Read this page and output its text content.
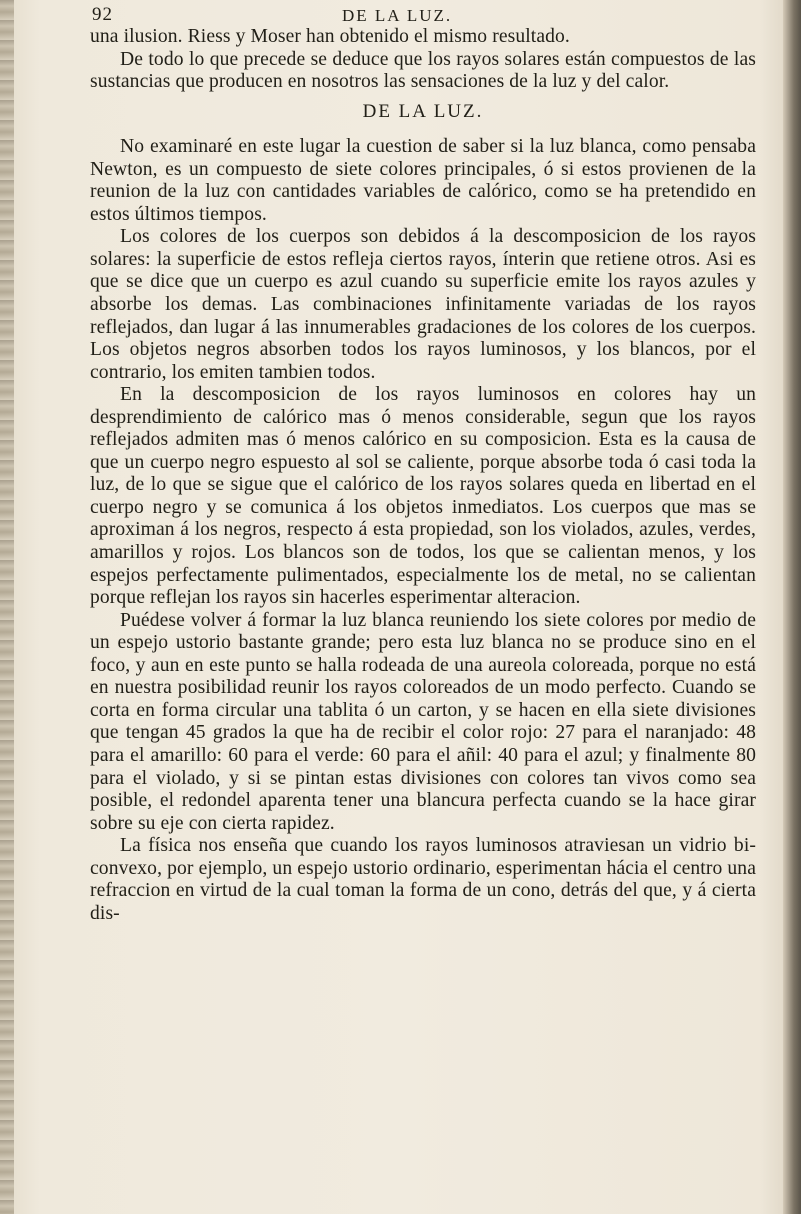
92	DE LA LUZ.

una ilusion. Riess y Moser han obtenido el mismo resultado.

De todo lo que precede se deduce que los rayos solares están compuestos de las sustancias que producen en nosotros las sensaciones de la luz y del calor.

DE LA LUZ.

No examinaré en este lugar la cuestion de saber si la luz blanca, como pensaba Newton, es un compuesto de siete colores principales, ó si estos provienen de la reunion de la luz con cantidades variables de calórico, como se ha pretendido en estos últimos tiempos.

Los colores de los cuerpos son debidos á la descomposicion de los rayos solares: la superficie de estos refleja ciertos rayos, ínterin que retiene otros. Asi es que se dice que un cuerpo es azul cuando su superficie emite los rayos azules y absorbe los demas. Las combinaciones infinitamente variadas de los rayos reflejados, dan lugar á las innumerables gradaciones de los colores de los cuerpos. Los objetos negros absorben todos los rayos luminosos, y los blancos, por el contrario, los emiten tambien todos.

En la descomposicion de los rayos luminosos en colores hay un desprendimiento de calórico mas ó menos considerable, segun que los rayos reflejados admiten mas ó menos calórico en su composicion. Esta es la causa de que un cuerpo negro espuesto al sol se caliente, porque absorbe toda ó casi toda la luz, de lo que se sigue que el calórico de los rayos solares queda en libertad en el cuerpo negro y se comunica á los objetos inmediatos. Los cuerpos que mas se aproximan á los negros, respecto á esta propiedad, son los violados, azules, verdes, amarillos y rojos. Los blancos son de todos, los que se calientan menos, y los espejos perfectamente pulimentados, especialmente los de metal, no se calientan porque reflejan los rayos sin hacerles esperimentar alteracion.

Puédese volver á formar la luz blanca reuniendo los siete colores por medio de un espejo ustorio bastante grande; pero esta luz blanca no se produce sino en el foco, y aun en este punto se halla rodeada de una aureola coloreada, porque no está en nuestra posibilidad reunir los rayos coloreados de un modo perfecto. Cuando se corta en forma circular una tablita ó un carton, y se hacen en ella siete divisiones que tengan 45 grados la que ha de recibir el color rojo: 27 para el naranjado: 48 para el amarillo: 60 para el verde: 60 para el añil: 40 para el azul; y finalmente 80 para el violado, y si se pintan estas divisiones con colores tan vivos como sea posible, el redondel aparenta tener una blancura perfecta cuando se la hace girar sobre su eje con cierta rapidez.

La física nos enseña que cuando los rayos luminosos atraviesan un vidrio bi-convexo, por ejemplo, un espejo ustorio ordinario, esperimentan hácia el centro una refraccion en virtud de la cual toman la forma de un cono, detrás del que, y á cierta dis-
